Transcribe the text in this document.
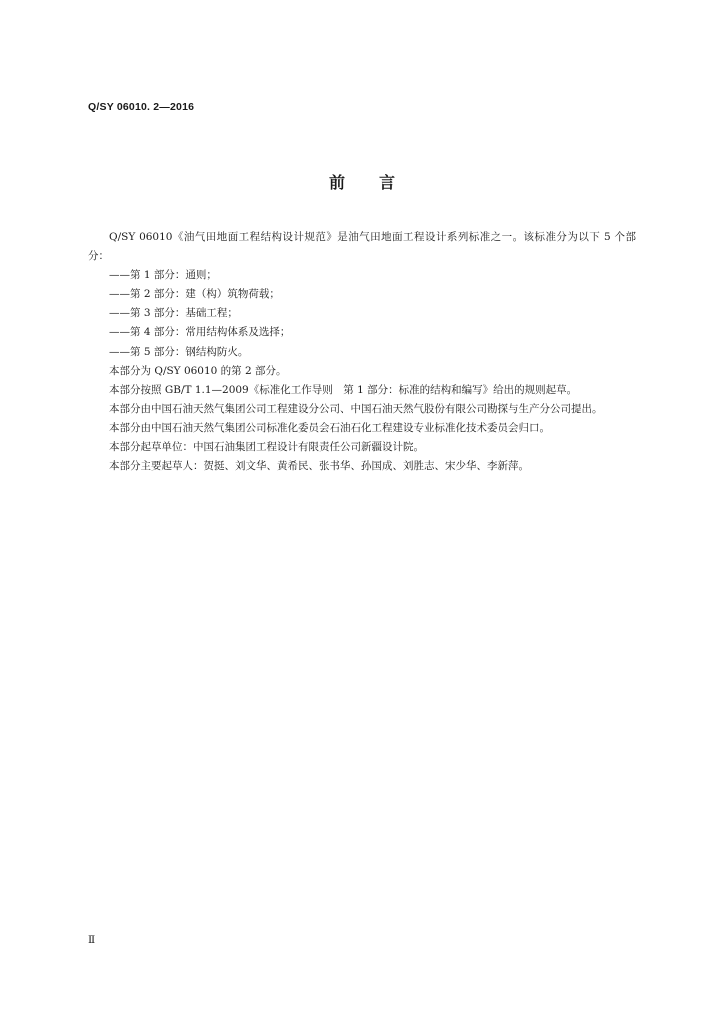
Q/SY 06010. 2—2016
前 言

Q/SY 06010《油气田地面工程结构设计规范》是油气田地面工程设计系列标准之一。该标准分为以下 5 个部分：

——第 1 部分：通则；

——第 2 部分：建（构）筑物荷载；

——第 3 部分：基础工程；

——第 4 部分：常用结构体系及选择；

——第 5 部分：钢结构防火。

本部分为 Q/SY 06010 的第 2 部分。

本部分按照 GB/T 1.1—2009《标准化工作导则　第 1 部分：标准的结构和编写》给出的规则起草。

本部分由中国石油天然气集团公司工程建设分公司、中国石油天然气股份有限公司勘探与生产分公司提出。

本部分由中国石油天然气集团公司标准化委员会石油石化工程建设专业标准化技术委员会归口。

本部分起草单位：中国石油集团工程设计有限责任公司新疆设计院。

本部分主要起草人：贺挺、刘文华、黄希民、张书华、孙国成、刘胜志、宋少华、李新萍。

Ⅱ
